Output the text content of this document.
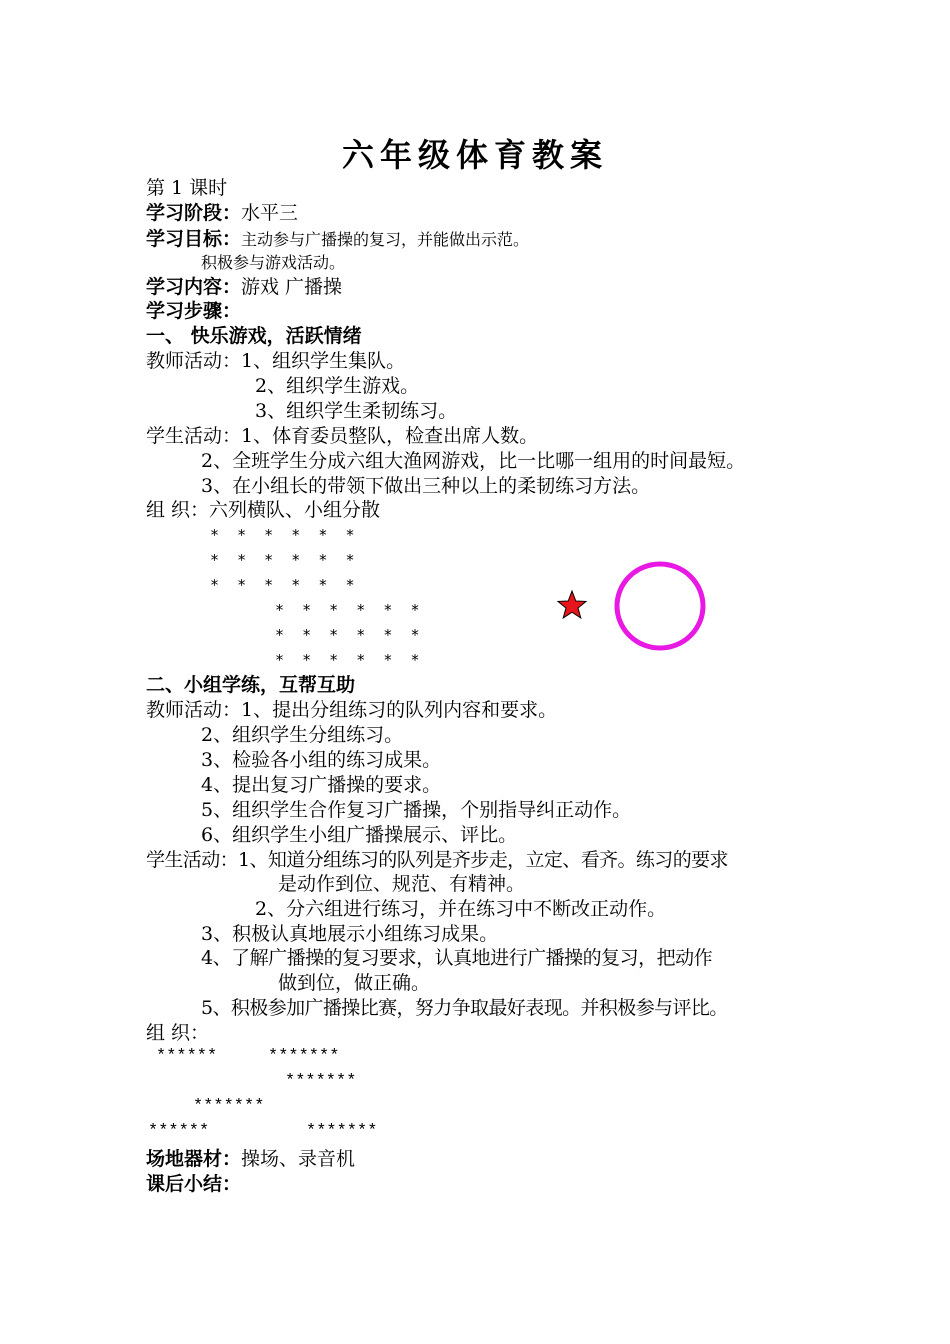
六年级体育教案
第 1 课时
学习阶段：水平三
学习目标：主动参与广播操的复习，并能做出示范。
积极参与游戏活动。
学习内容：游戏 广播操
学习步骤：
一、 快乐游戏，活跃情绪
教师活动：1、组织学生集队。
2、组织学生游戏。
3、组织学生柔韧练习。
学生活动：1、体育委员整队，检查出席人数。
2、全班学生分成六组大渔网游戏，比一比哪一组用的时间最短。
3、在小组长的带领下做出三种以上的柔韧练习方法。
组 织：六列横队、小组分散
*  *  *  *  *  *
*  *  *  *  *  *
*  *  *  *  *  *
*  *  *  *  *  *
*  *  *  *  *  *
*  *  *  *  *  *
二、小组学练，互帮互助
教师活动：1、提出分组练习的队列内容和要求。
2、组织学生分组练习。
3、检验各小组的练习成果。
4、提出复习广播操的要求。
5、组织学生合作复习广播操，个别指导纠正动作。
6、组织学生小组广播操展示、评比。
学生活动：1、知道分组练习的队列是齐步走，立定、看齐。练习的要求
是动作到位、规范、有精神。
2、分六组进行练习，并在练习中不断改正动作。
3、积极认真地展示小组练习成果。
4、了解广播操的复习要求，认真地进行广播操的复习，把动作
做到位，做正确。
5、积极参加广播操比赛，努力争取最好表现。并积极参与评比。
组 织：
******	*******
*******
*******
******	*******
场地器材：操场、录音机
课后小结：
